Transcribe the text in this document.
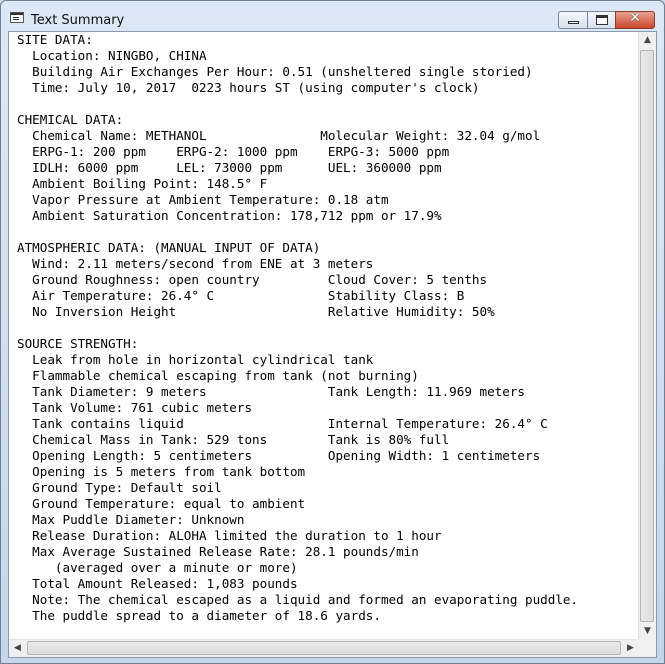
Text Summary	✕
SITE DATA:
Location: NINGBO, CHINA
Building Air Exchanges Per Hour: 0.51 (unsheltered single storied)
Time: July 10, 2017  0223 hours ST (using computer's clock)
CHEMICAL DATA:
Chemical Name: METHANOL               Molecular Weight: 32.04 g/mol
ERPG-1: 200 ppm    ERPG-2: 1000 ppm    ERPG-3: 5000 ppm
IDLH: 6000 ppm     LEL: 73000 ppm      UEL: 360000 ppm
Ambient Boiling Point: 148.5° F
Vapor Pressure at Ambient Temperature: 0.18 atm
Ambient Saturation Concentration: 178,712 ppm or 17.9%
ATMOSPHERIC DATA: (MANUAL INPUT OF DATA)
Wind: 2.11 meters/second from ENE at 3 meters
Ground Roughness: open country         Cloud Cover: 5 tenths
Air Temperature: 26.4° C               Stability Class: B
No Inversion Height                    Relative Humidity: 50%
SOURCE STRENGTH:
Leak from hole in horizontal cylindrical tank
Flammable chemical escaping from tank (not burning)
Tank Diameter: 9 meters                Tank Length: 11.969 meters
Tank Volume: 761 cubic meters
Tank contains liquid                   Internal Temperature: 26.4° C
Chemical Mass in Tank: 529 tons        Tank is 80% full
Opening Length: 5 centimeters          Opening Width: 1 centimeters
Opening is 5 meters from tank bottom
Ground Type: Default soil
Ground Temperature: equal to ambient
Max Puddle Diameter: Unknown
Release Duration: ALOHA limited the duration to 1 hour
Max Average Sustained Release Rate: 28.1 pounds/min
(averaged over a minute or more)
Total Amount Released: 1,083 pounds
Note: The chemical escaped as a liquid and formed an evaporating puddle.
The puddle spread to a diameter of 18.6 yards.
▲
▼
◀	▶
